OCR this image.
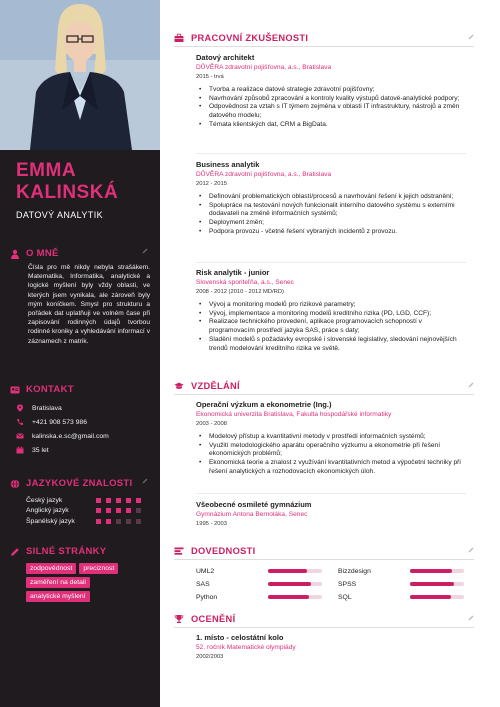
EMMA
KALINSKÁ
DATOVÝ ANALYTIK
O MNĚ
Čísla pro mě nikdy nebyla strašákem. Matematika, Informatika, analytické a logické myšlení byly vždy oblasti, ve kterých jsem vynikala, ale zároveň byly mým koníčkem. Smysl pro strukturu a pořádek dat uplatňuji ve volném čase při zapisování rodinných údajů tvorbou rodinné kroniky a vyhledávání informací v záznamech z matrik.
KONTAKT
Bratislava
+421 908 573 986
kalinska.e.sc@gmail.com
35 let
JAZYKOVÉ ZNALOSTI
Český jazyk
Anglický jazyk
Španělský jazyk
SILNÉ STRÁNKY
zodpovědnost	preciznost
zaměření na detail
analytické myšlení
PRACOVNÍ ZKUŠENOSTI
Datový architekt
DŮVĚRA zdravotní pojišťovna, a.s., Bratislava
2015 - trvá
• Tvorba a realizace datové strategie zdravotní pojišťovny;
• Navrhování způsobů zpracování a kontroly kvality výstupů datové-analytické podpory;
• Odpovědnost za vztah s IT týmem zejména v oblasti IT infrastruktury, nástrojů a změn datového modelu;
• Témata klientských dat, CRM a BigData.
Business analytik
DŮVĚRA zdravotní pojišťovna, a.s., Bratislava
2012 - 2015
• Definování problematických oblastí/procesů a navrhování řešení k jejich odstranění;
• Spolupráce na testování nových funkcionalit interního datového systému s externími dodavateli na změně informačních systémů;
• Deployment změn;
• Podpora provozu - včetně řešení vybraných incidentů z provozu.
Risk analytik - junior
Slovenská sporiteľňa, a.s., Senec
2008 - 2012 (2010 - 2012 MD/RD)
• Vývoj a monitoring modelů pro rizikové parametry;
• Vývoj, implementace a monitoring modelů kreditního rizika (PD, LGD, CCF);
• Realizace technického provedení, aplikace programovacích schopností v programovacím prostředí jazyka SAS, práce s daty;
• Sladění modelů s požadavky evropské i slovenské legislativy, sledování nejnovějších trendů modelování kreditního rizika ve světě.
VZDĚLÁNÍ
Operační výzkum a ekonometrie (Ing.)
Ekonomická univerzita Bratislava, Fakulta hospodářské informatiky
2003 - 2008
• Modelový přístup a kvantitativní metody v prostředí informačních systémů;
• Využití metodologického aparátu operačního výzkumu a ekonometrie při řešení ekonomických problémů;
• Ekonomická teorie a znalost z využívání kvantitativních metod a výpočetní techniky při řešení analytických a rozhodovacích ekonomických úloh.
Všeobecné osmileté gymnázium
Gymnázium Antona Bernoláka, Senec
1995 - 2003
DOVEDNOSTI
UML2
SAS
Python
Bizzdesign
SPSS
SQL
OCENĚNÍ
1. místo - celostátní kolo
52. ročník Matematické olympiády
2002/2003
